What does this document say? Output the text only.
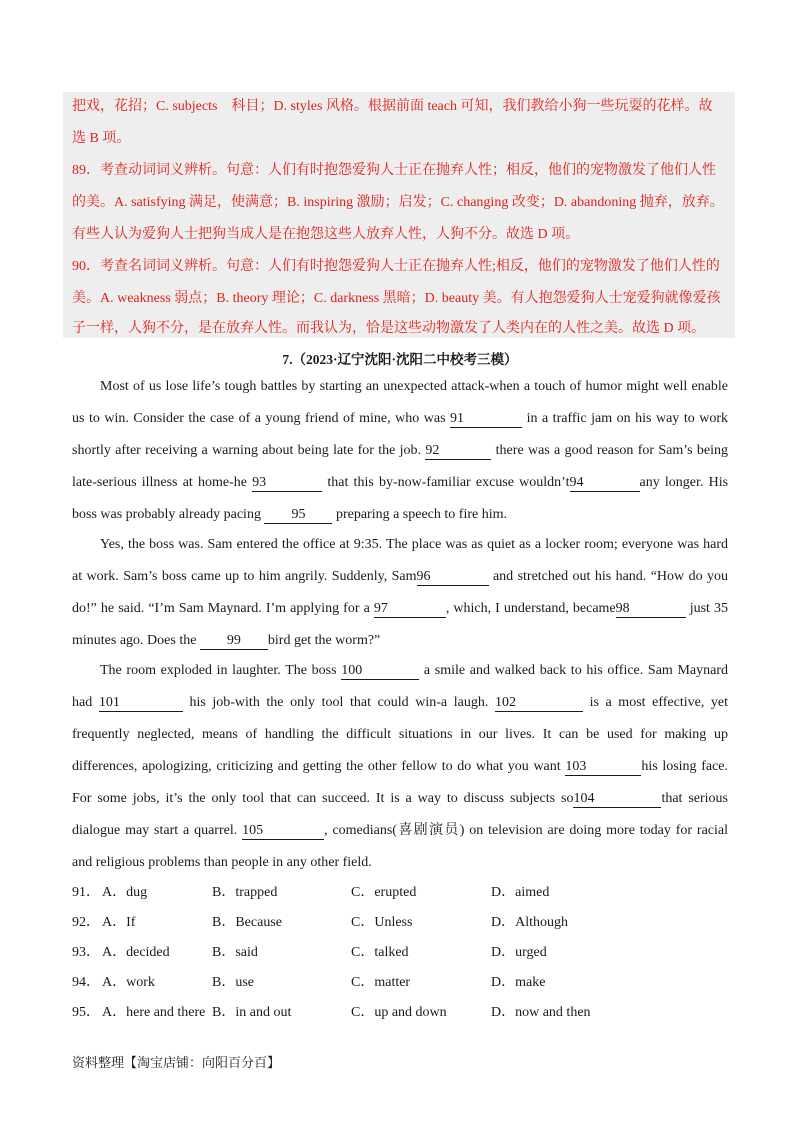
把戏，花招；C. subjects　科目；D. styles 风格。根据前面 teach 可知，我们教给小狗一些玩耍的花样。故
选 B 项。
89．考查动词词义辨析。句意：人们有时抱怨爱狗人士正在抛弃人性；相反，他们的宠物激发了他们人性
的美。A. satisfying 满足，使满意；B. inspiring 激励；启发；C. changing 改变；D. abandoning 抛弃，放弃。
有些人认为爱狗人士把狗当成人是在抱怨这些人放弃人性，人狗不分。故选 D 项。
90．考查名词词义辨析。句意：人们有时抱怨爱狗人士正在抛弃人性;相反，他们的宠物激发了他们人性的
美。A. weakness 弱点；B. theory 理论；C. darkness 黑暗；D. beauty 美。有人抱怨爱狗人士宠爱狗就像爱孩
子一样，人狗不分，是在放弃人性。而我认为，恰是这些动物激发了人类内在的人性之美。故选 D 项。
7.（2023·辽宁沈阳·沈阳二中校考三模）
Most of us lose life’s tough battles by starting an unexpected attack-when a touch of humor might well enable
us to win. Consider the case of a young friend of mine, who was 91	in a traffic jam on his way to work
shortly after receiving a warning about being late for the job. 92	there was a good reason for Sam’s being
late-serious illness at home-he 93	that this by-now-familiar excuse wouldn’t94	any longer. His
boss was probably already pacing 95 preparing a speech to fire him.
Yes, the boss was. Sam entered the office at 9:35. The place was as quiet as a locker room; everyone was hard
at work. Sam’s boss came up to him angrily. Suddenly, Sam96	and stretched out his hand. “How do you
do!” he said. “I’m Sam Maynard. I’m applying for a 97	, which, I understand, became98	just 35
minutes ago. Does the 99 bird get the worm?”
The room exploded in laughter. The boss 100	a smile and walked back to his office. Sam Maynard
had 101	his job-with the only tool that could win-a laugh. 102	is a most effective, yet
frequently neglected, means of handling the difficult situations in our lives. It can be used for making up
differences, apologizing, criticizing and getting the other fellow to do what you want 103	his losing face.
For some jobs, it’s the only tool that can succeed. It is a way to discuss subjects so104	that serious
dialogue may start a quarrel. 105	, comedians(喜剧演员) on television are doing more today for racial
and religious problems than people in any other field.
91． A．dug	B．trapped	C．erupted	D．aimed
92． A．If	B．Because	C．Unless	D．Although
93． A．decided	B．said	C．talked	D．urged
94． A．work	B．use	C．matter	D．make
95． A．here and there B．in and out	C．up and down	D．now and then
资料整理【淘宝店铺：向阳百分百】
